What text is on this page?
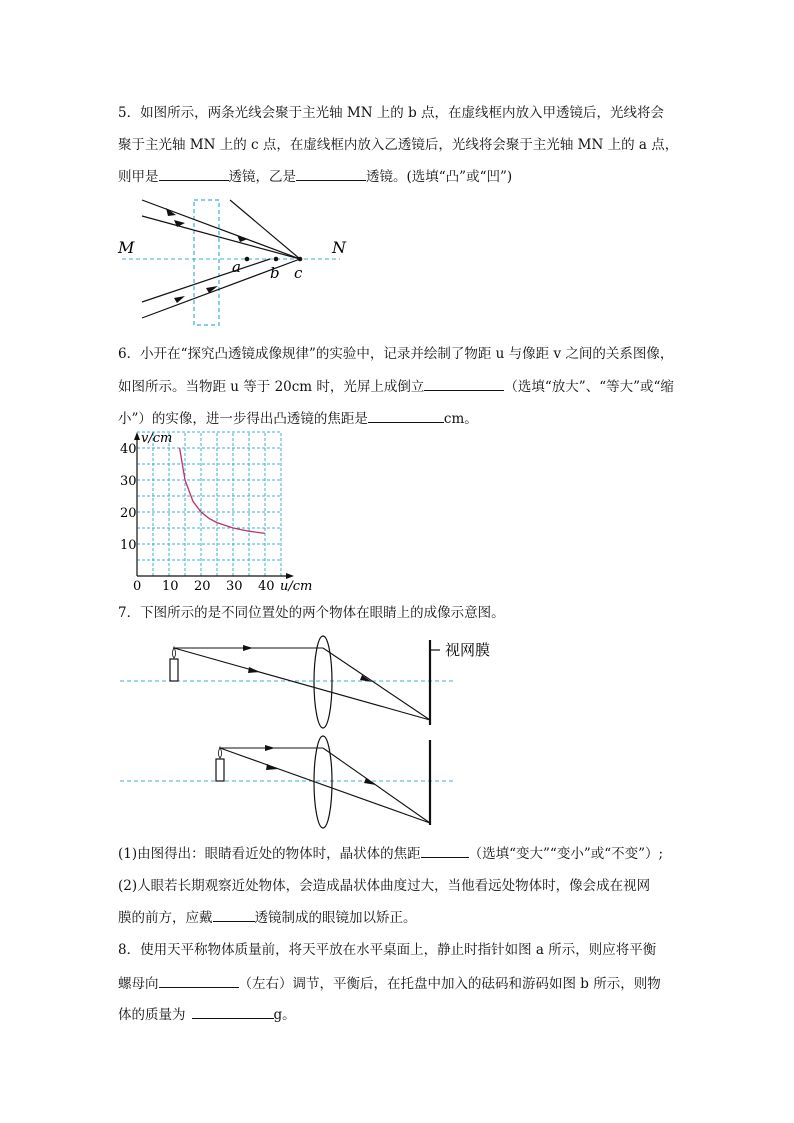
5．如图所示，两条光线会聚于主光轴 MN 上的 b 点，在虚线框内放入甲透镜后，光线将会
聚于主光轴 MN 上的 c 点，在虚线框内放入乙透镜后，光线将会聚于主光轴 MN 上的 a 点，
则甲是	透镜，乙是	透镜。(选填“凸”或“凹”)
M	N
a b c
6．小开在“探究凸透镜成像规律”的实验中，记录并绘制了物距 u 与像距 v 之间的关系图像，
如图所示。当物距 u 等于 20cm 时，光屏上成倒立	（选填“放大”、“等大”或“缩
小”）的实像，进一步得出凸透镜的焦距是	cm。
0 10 20 30 40
10
20
30
40
v/cm
u/cm
7．下图所示的是不同位置处的两个物体在眼睛上的成像示意图。
视网膜
(1)由图得出：眼睛看近处的物体时，晶状体的焦距	（选填“变大”“变小”或“不变”）;
(2)人眼若长期观察近处物体，会造成晶状体曲度过大，当他看远处物体时，像会成在视网
膜的前方，应戴	透镜制成的眼镜加以矫正。
8．使用天平称物体质量前，将天平放在水平桌面上，静止时指针如图 a 所示，则应将平衡
螺母向	（左右）调节，平衡后，在托盘中加入的砝码和游码如图 b 所示，则物
体的质量为	g。
